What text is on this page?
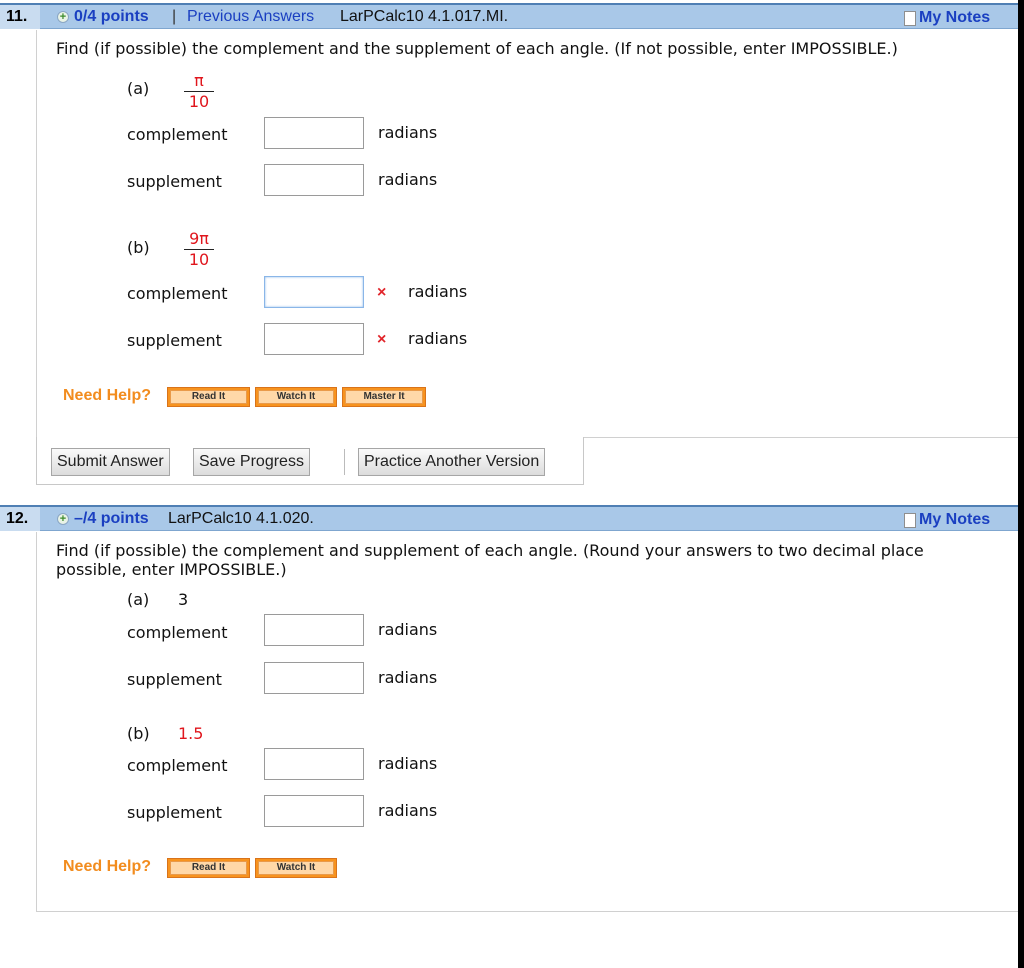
11.	+ 0/4 points | Previous Answers LarPCalc10 4.1.017.MI.	My Notes
Find (if possible) the complement and the supplement of each angle. (If not possible, enter IMPOSSIBLE.)
(a)	π
10
complement	radians
supplement	radians
(b)	9π
10
complement	× radians
supplement	× radians
Need Help?	Read It	Watch It	Master It
Submit Answer	Save Progress	Practice Another Version
12.	+ –/4 points LarPCalc10 4.1.020.	My Notes
Find (if possible) the complement and supplement of each angle. (Round your answers to two decimal place
possible, enter IMPOSSIBLE.)
(a) 3
complement	radians
supplement	radians
(b) 1.5
complement	radians
supplement	radians
Need Help?	Read It	Watch It
